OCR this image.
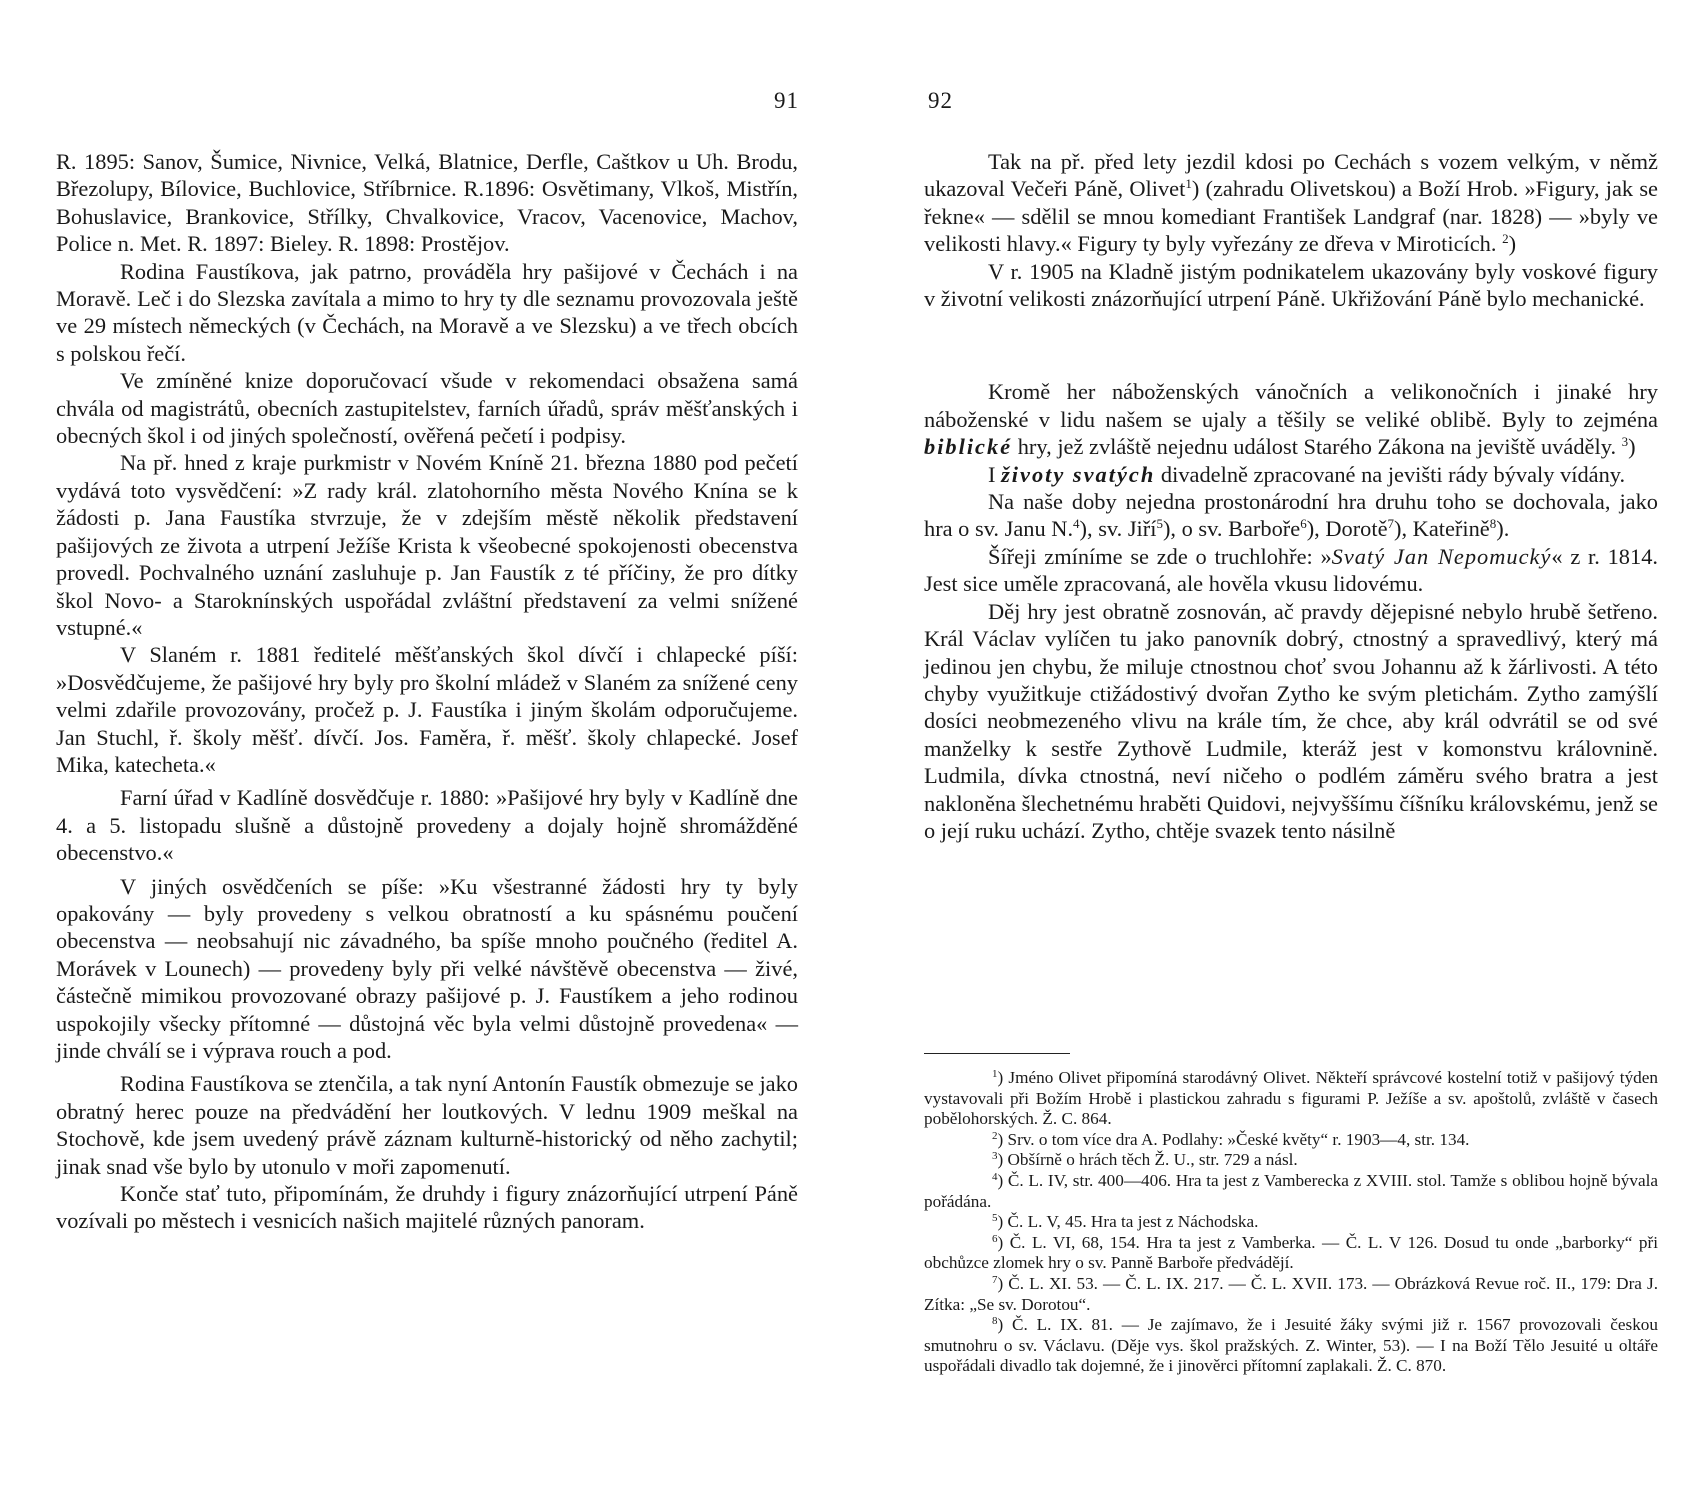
91

R. 1895: Sanov, Šumice, Nivnice, Velká, Blatnice, Derfle, Caštkov u Uh. Brodu, Březolupy, Bílovice, Buchlovice, Stříbrnice. R.1896: Osvětimany, Vlkoš, Mistřín, Bohuslavice, Brankovice, Střílky, Chvalkovice, Vracov, Vacenovice, Machov, Police n. Met. R. 1897: Bieley. R. 1898: Prostějov.

Rodina Faustíkova, jak patrno, prováděla hry pašijové v Čechách i na Moravě. Leč i do Slezska zavítala a mimo to hry ty dle seznamu provozovala ještě ve 29 místech německých (v Čechách, na Moravě a ve Slezsku) a ve třech obcích s polskou řečí.

Ve zmíněné knize doporučovací všude v rekomendaci obsažena samá chvála od magistrátů, obecních zastupitelstev, farních úřadů, správ měšťanských i obecných škol i od jiných společností, ověřená pečetí i podpisy.

Na př. hned z kraje purkmistr v Novém Kníně 21. března 1880 pod pečetí vydává toto vysvědčení: »Z rady král. zlatohorního města Nového Knína se k žádosti p. Jana Faustíka stvrzuje, že v zdejším městě několik představení pašijových ze života a utrpení Ježíše Krista k všeobecné spokojenosti obecenstva provedl. Pochvalného uznání zasluhuje p. Jan Faustík z té příčiny, že pro dítky škol Novo- a Staroknínských uspořádal zvláštní představení za velmi snížené vstupné.«

V Slaném r. 1881 ředitelé měšťanských škol dívčí i chlapecké píší: »Dosvědčujeme, že pašijové hry byly pro školní mládež v Slaném za snížené ceny velmi zdařile provozovány, pročež p. J. Faustíka i jiným školám odporučujeme. Jan Stuchl, ř. školy měšť. dívčí. Jos. Faměra, ř. měšť. školy chlapecké. Josef Mika, katecheta.«

Farní úřad v Kadlíně dosvědčuje r. 1880: »Pašijové hry byly v Kadlíně dne 4. a 5. listopadu slušně a důstojně provedeny a dojaly hojně shromážděné obecenstvo.«

V jiných osvědčeních se píše: »Ku všestranné žádosti hry ty byly opakovány — byly provedeny s velkou obratností a ku spásnému poučení obecenstva — neobsahují nic závadného, ba spíše mnoho poučného (ředitel A. Morávek v Lounech) — provedeny byly při velké návštěvě obecenstva — živé, částečně mimikou provozované obrazy pašijové p. J. Faustíkem a jeho rodinou uspokojily všecky přítomné — důstojná věc byla velmi důstojně provedena« — jinde chválí se i výprava rouch a pod.

Rodina Faustíkova se ztenčila, a tak nyní Antonín Faustík obmezuje se jako obratný herec pouze na předvádění her loutkových. V lednu 1909 meškal na Stochově, kde jsem uvedený právě záznam kulturně-historický od něho zachytil; jinak snad vše bylo by utonulo v moři zapomenutí.

Konče stať tuto, připomínám, že druhdy i figury znázorňující utrpení Páně vozívali po městech i vesnicích našich majitelé různých panoram.

92

Tak na př. před lety jezdil kdosi po Cechách s vozem velkým, v němž ukazoval Večeři Páně, Olivet$^1$) (zahradu Olivetskou) a Boží Hrob. »Figury, jak se řekne« — sdělil se mnou komediant František Landgraf (nar. 1828) — »byly ve velikosti hlavy.« Figury ty byly vyřezány ze dřeva v Miroticích. $^2$)

V r. 1905 na Kladně jistým podnikatelem ukazovány byly voskové figury v životní velikosti znázorňující utrpení Páně. Ukřižování Páně bylo mechanické.

Kromě her náboženských vánočních a velikonočních i jinaké hry náboženské v lidu našem se ujaly a těšily se veliké oblibě. Byly to zejména biblické hry, jež zvláště nejednu událost Starého Zákona na jeviště uváděly. $^3$)

I životy svatých divadelně zpracované na jevišti rády bývaly vídány.

Na naše doby nejedna prostonárodní hra druhu toho se dochovala, jako hra o sv. Janu N.$^4$), sv. Jiří$^5$), o sv. Barboře$^6$), Dorotě$^7$), Kateřině$^8$).

Šířeji zmíníme se zde o truchlohře: »Svatý Jan Nepomucký« z r. 1814. Jest sice uměle zpracovaná, ale hověla vkusu lidovému.

Děj hry jest obratně zosnován, ač pravdy dějepisné nebylo hrubě šetřeno. Král Václav vylíčen tu jako panovník dobrý, ctnostný a spravedlivý, který má jedinou jen chybu, že miluje ctnostnou choť svou Johannu až k žárlivosti. A této chyby využitkuje ctižádostivý dvořan Zytho ke svým pletichám. Zytho zamýšlí dosíci neobmezeného vlivu na krále tím, že chce, aby král odvrátil se od své manželky k sestře Zythově Ludmile, kteráž jest v komonstvu královnině. Ludmila, dívka ctnostná, neví ničeho o podlém záměru svého bratra a jest nakloněna šlechetnému hraběti Quidovi, nejvyššímu číšníku královskému, jenž se o její ruku uchází. Zytho, chtěje svazek tento násilně

$^1$) Jméno Olivet připomíná starodávný Olivet. Někteří správcové kostelní totiž v pašijový týden vystavovali při Božím Hrobě i plastickou zahradu s figurami P. Ježíše a sv. apoštolů, zvláště v časech pobělohorských. Ž. C. 864.

$^2$) Srv. o tom více dra A. Podlahy: »České květy“ r. 1903—4, str. 134.

$^3$) Obšírně o hrách těch Ž. U., str. 729 a násl.

$^4$) Č. L. IV, str. 400—406. Hra ta jest z Vamberecka z XVIII. stol. Tamže s oblibou hojně bývala pořádána.

$^5$) Č. L. V, 45. Hra ta jest z Náchodska.

$^6$) Č. L. VI, 68, 154. Hra ta jest z Vamberka. — Č. L. V 126. Dosud tu onde „barborky“ při obchůzce zlomek hry o sv. Panně Barboře předvádějí.

$^7$) Č. L. XI. 53. — Č. L. IX. 217. — Č. L. XVII. 173. — Obrázková Revue roč. II., 179: Dra J. Zítka: „Se sv. Dorotou“.

$^8$) Č. L. IX. 81. — Je zajímavo, že i Jesuité žáky svými již r. 1567 provozovali českou smutnohru o sv. Václavu. (Děje vys. škol pražských. Z. Winter, 53). — I na Boží Tělo Jesuité u oltáře uspořádali divadlo tak dojemné, že i jinověrci přítomní zaplakali. Ž. C. 870.
